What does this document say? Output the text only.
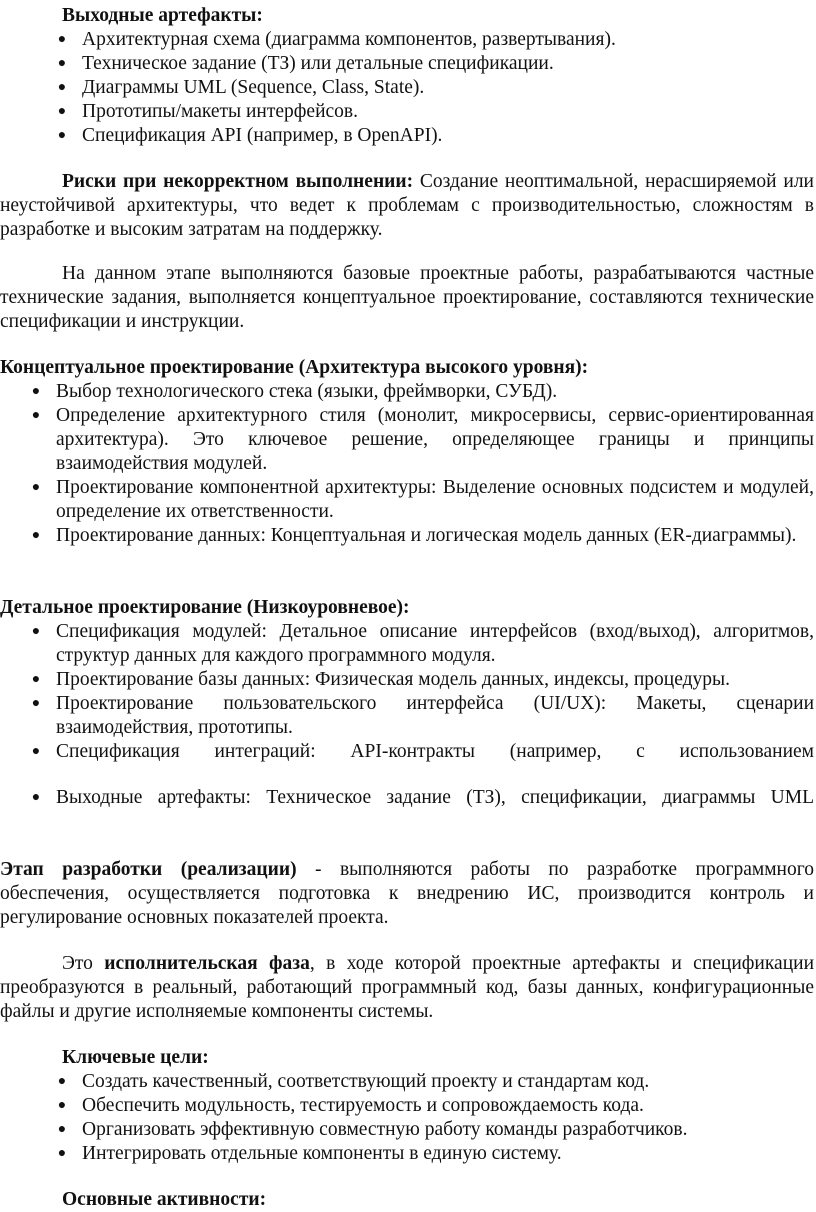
Выходные артефакты:
● Архитектурная схема (диаграмма компонентов, развертывания).
● Техническое задание (ТЗ) или детальные спецификации.
● Диаграммы UML (Sequence, Class, State).
● Прототипы/макеты интерфейсов.
● Спецификация API (например, в OpenAPI).
Риски при некорректном выполнении: Создание неоптимальной, нерасширяемой или неустойчивой архитектуры, что ведет к проблемам с производительностью, сложностям в разработке и высоким затратам на поддержку.
На данном этапе выполняются базовые проектные работы, разрабатываются частные технические задания, выполняется концептуальное проектирование, составляются технические спецификации и инструкции.
Концептуальное проектирование (Архитектура высокого уровня):
● Выбор технологического стека (языки, фреймворки, СУБД).
● Определение архитектурного стиля (монолит, микросервисы, сервис-ориентированная архитектура). Это ключевое решение, определяющее границы и принципы взаимодействия модулей.
● Проектирование компонентной архитектуры: Выделение основных подсистем и модулей, определение их ответственности.
● Проектирование данных: Концептуальная и логическая модель данных (ER-диаграммы).
Детальное проектирование (Низкоуровневое):
● Спецификация модулей: Детальное описание интерфейсов (вход/выход), алгоритмов, структур данных для каждого программного модуля.
● Проектирование базы данных: Физическая модель данных, индексы, процедуры.
● Проектирование пользовательского интерфейса (UI/UX): Макеты, сценарии взаимодействия, прототипы.
● Спецификация интеграций: API-контракты (например, с использованием
● Выходные артефакты: Техническое задание (ТЗ), спецификации, диаграммы UML
Этап разработки (реализации) - выполняются работы по разработке программного обеспечения, осуществляется подготовка к внедрению ИС, производится контроль и регулирование основных показателей проекта.
Это исполнительская фаза, в ходе которой проектные артефакты и спецификации преобразуются в реальный, работающий программный код, базы данных, конфигурационные файлы и другие исполняемые компоненты системы.
Ключевые цели:
● Создать качественный, соответствующий проекту и стандартам код.
● Обеспечить модульность, тестируемость и сопровождаемость кода.
● Организовать эффективную совместную работу команды разработчиков.
● Интегрировать отдельные компоненты в единую систему.
Основные активности:
